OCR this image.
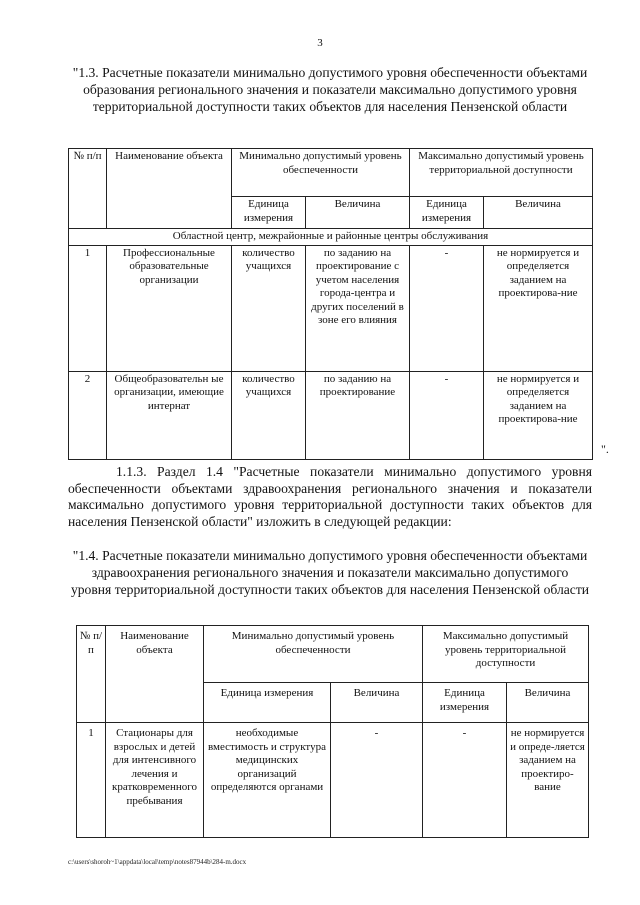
3
"1.3. Расчетные показатели минимально допустимого уровня обеспеченности объектами образования регионального значения и показатели максимально допустимого уровня территориальной доступности таких объектов для населения Пензенской области
№ п/п	Наименование объекта	Минимально допустимый уровень обеспеченности		Максимально допустимый уровень территориальной доступности	
		Единица измерения	Величина	Единица измерения	Величина
Областной центр, межрайонные и районные центры обслуживания					
1	Профессиональные образовательные организации	количество учащихся	по заданию на проектирование с учетом населения города-центра и других поселений в зоне его влияния	-	не нормируется и определяется заданием на проектирова-ние
2	Общеобразовательн ые организации, имеющие интернат	количество учащихся	по заданию на проектирование	-	не нормируется и определяется заданием на проектирова-ние
".
1.1.3. Раздел 1.4 "Расчетные показатели минимально допустимого уровня обеспеченности объектами здравоохранения регионального значения и показатели максимально допустимого уровня территориальной доступности таких объектов для населения Пензенской области" изложить в следующей редакции:
"1.4. Расчетные показатели минимально допустимого уровня обеспеченности объектами здравоохранения регионального значения и показатели максимально допустимого уровня территориальной доступности таких объектов для населения Пензенской области
№ п/п	Наименование объекта	Минимально допустимый уровень обеспеченности		Максимально допустимый уровень территориальной доступности	
		Единица измерения	Величина	Единица измерения	Величина
1	Стационары для взрослых и детей для интенсивного лечения и кратковременного пребывания	необходимые вместимость и структура медицинских организаций определяются органами	-	-	не нормируется и опреде-ляется заданием на проектиро-вание
c:\users\shoroh~1\appdata\local\temp\notes87944b\284-m.docx
